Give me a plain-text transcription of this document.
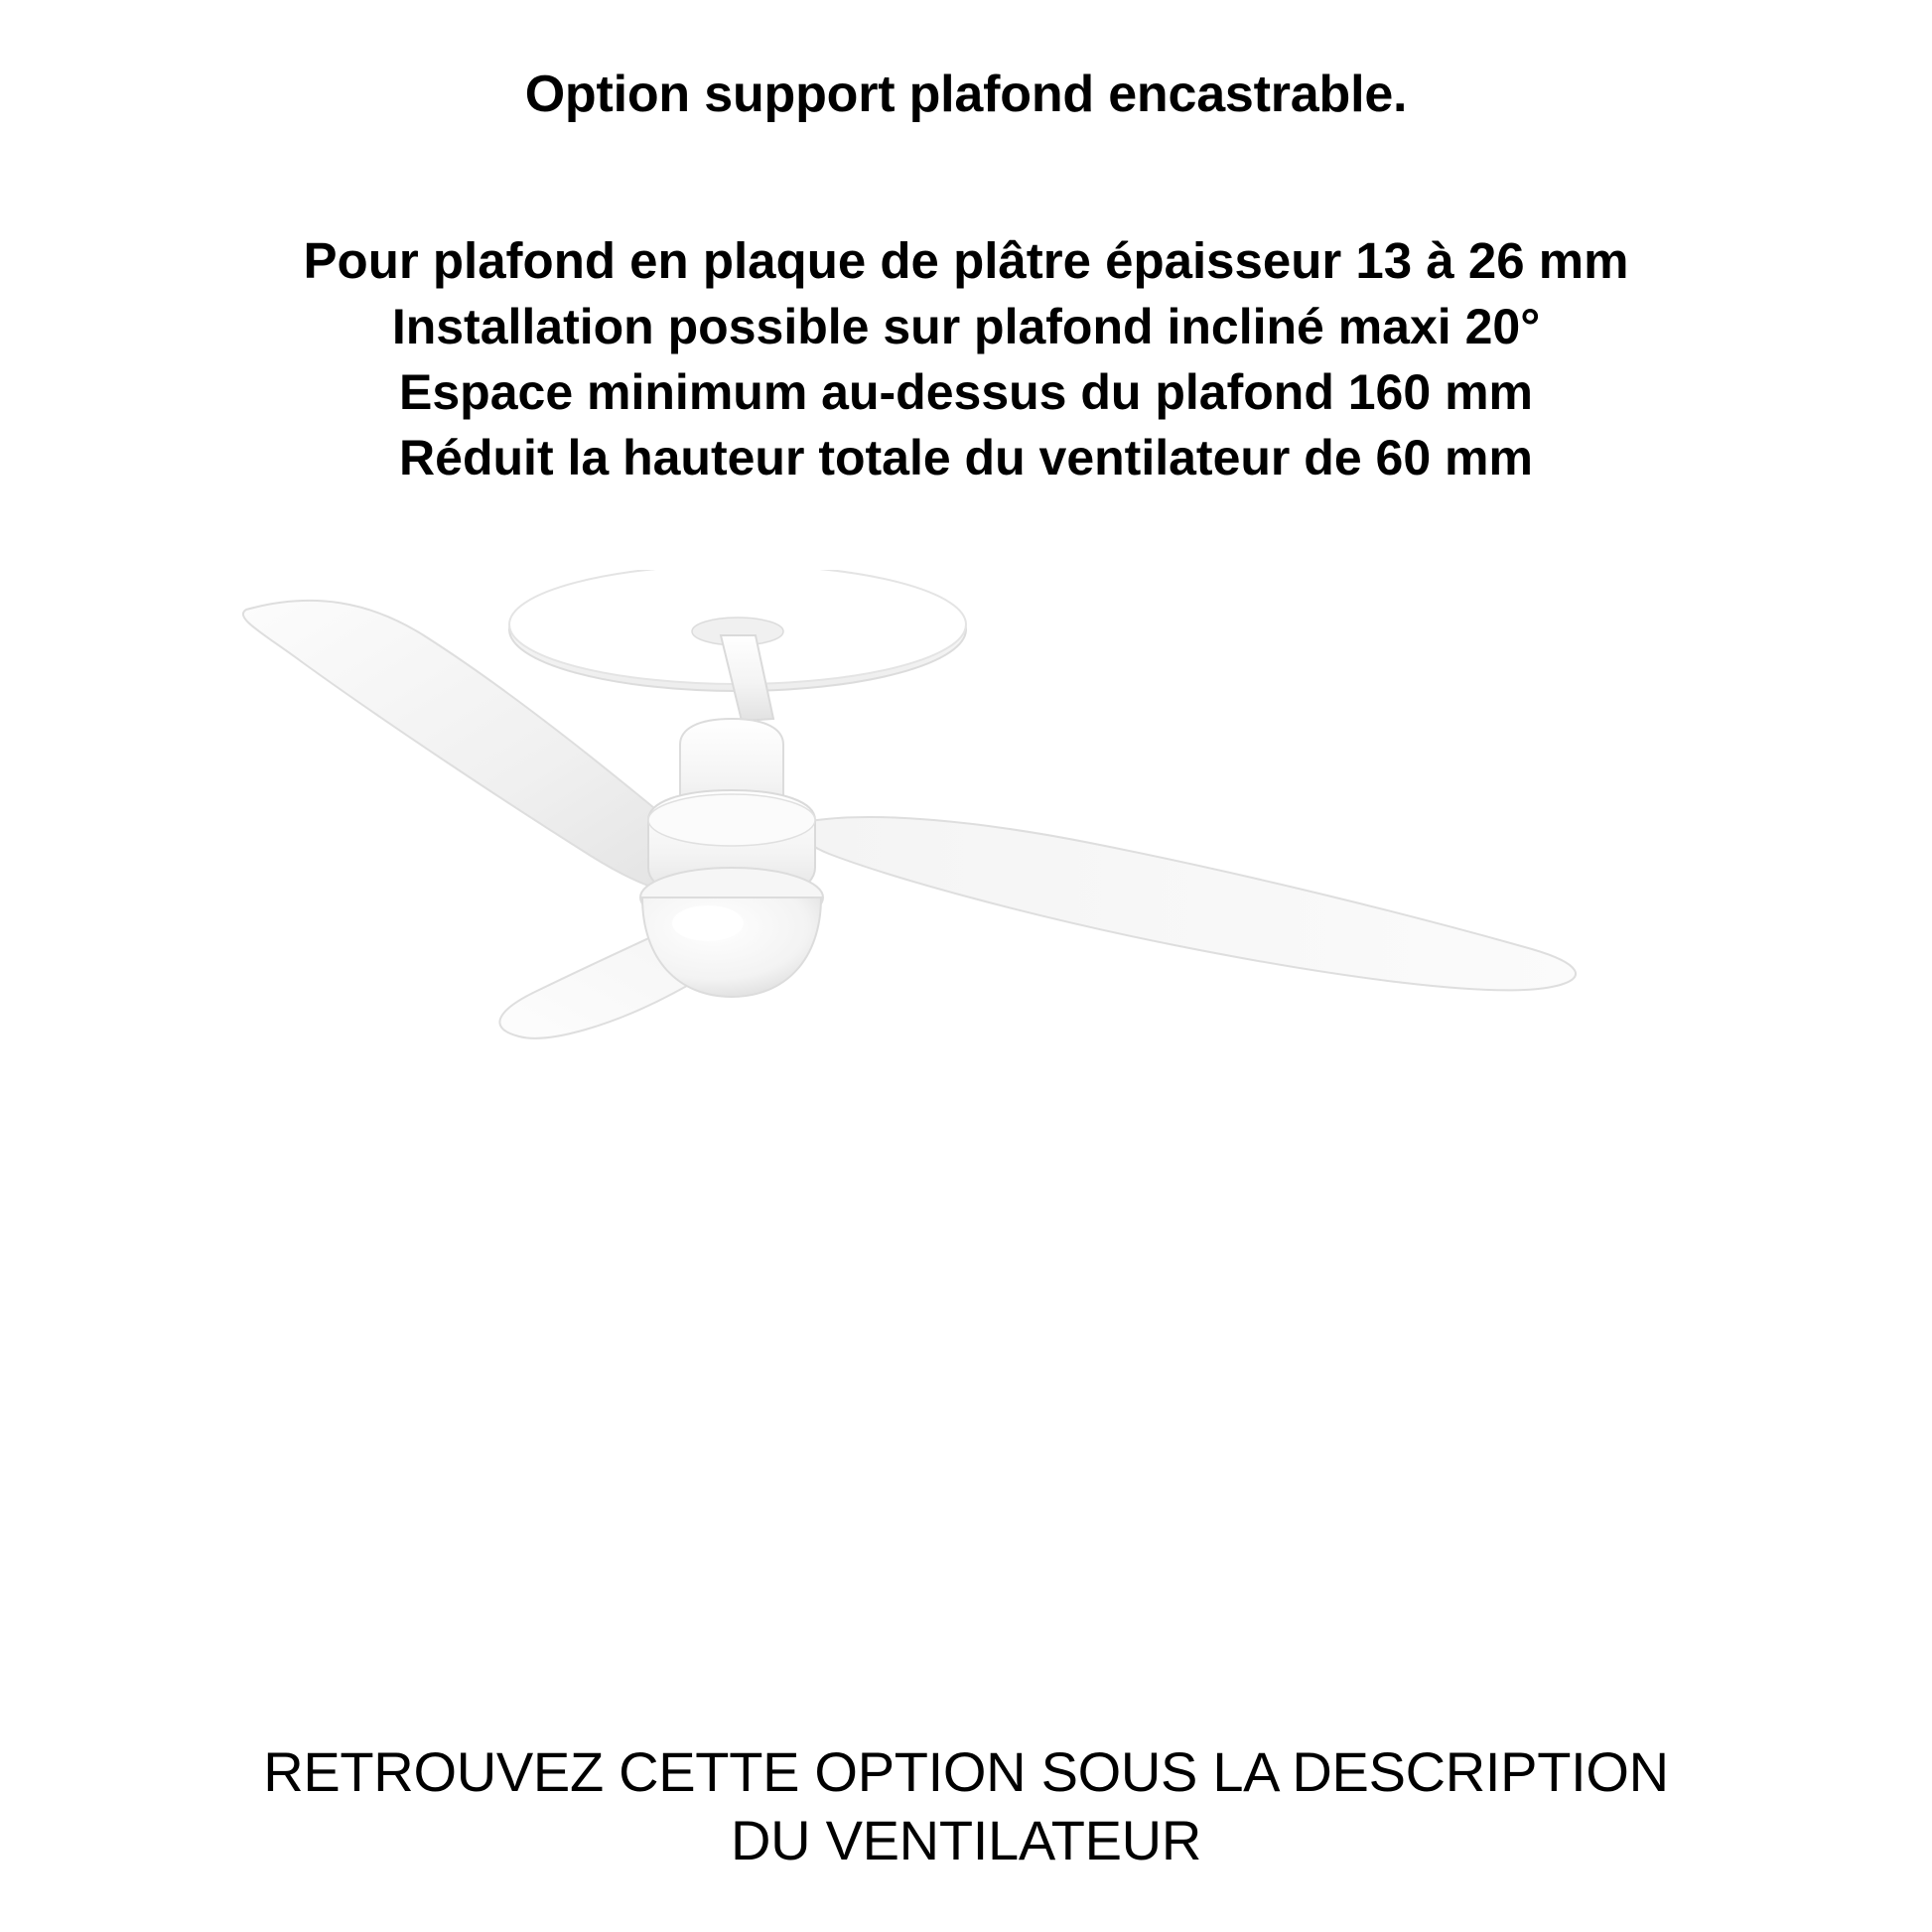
Option support plafond encastrable.
Pour plafond en plaque de plâtre épaisseur 13 à 26 mm
Installation possible sur plafond incliné maxi 20°
Espace minimum au-dessus du plafond 160 mm
Réduit la hauteur totale du ventilateur de 60 mm
RETROUVEZ CETTE OPTION SOUS LA DESCRIPTION
DU VENTILATEUR
